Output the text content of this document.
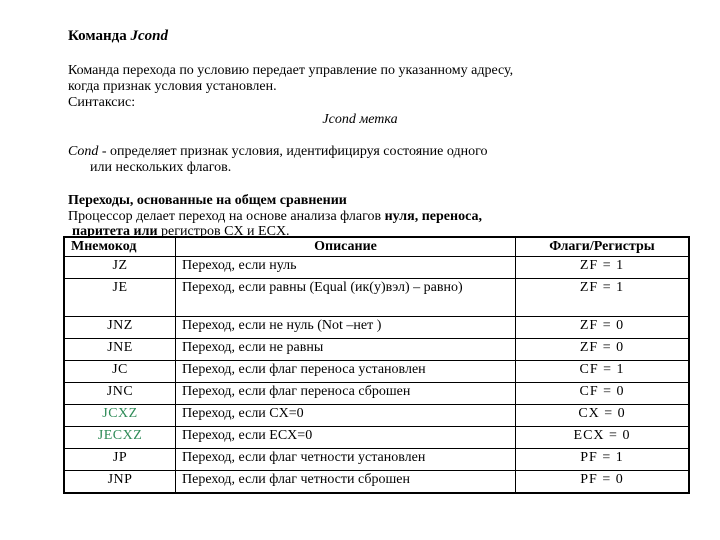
Команда Jcond
Команда перехода по условию передает управление по указанному адресу,
когда признак условия установлен.
Синтаксис:
Jcond метка
Cond - определяет признак условия, идентифицируя состояние одного
или нескольких флагов.
Переходы, основанные на общем сравнении
Процессор делает переход на основе анализа флагов нуля, переноса,
паритета или регистров CX и ECX.
Мнемокод	Описание	Флаги/Регистры
JZ	Переход, если нуль	ZF = 1
JE	Переход, если равны (Equal (ик(у)вэл) – равно)	ZF = 1
JNZ	Переход, если не нуль (Not –нет )	ZF = 0
JNE	Переход, если не равны	ZF = 0
JC	Переход, если флаг переноса установлен	CF = 1
JNC	Переход, если флаг переноса сброшен	CF = 0
JCXZ	Переход, если CX=0	CX = 0
JECXZ	Переход, если ECX=0	ECX = 0
JP	Переход, если флаг четности установлен	PF = 1
JNP	Переход, если флаг четности сброшен	PF = 0
